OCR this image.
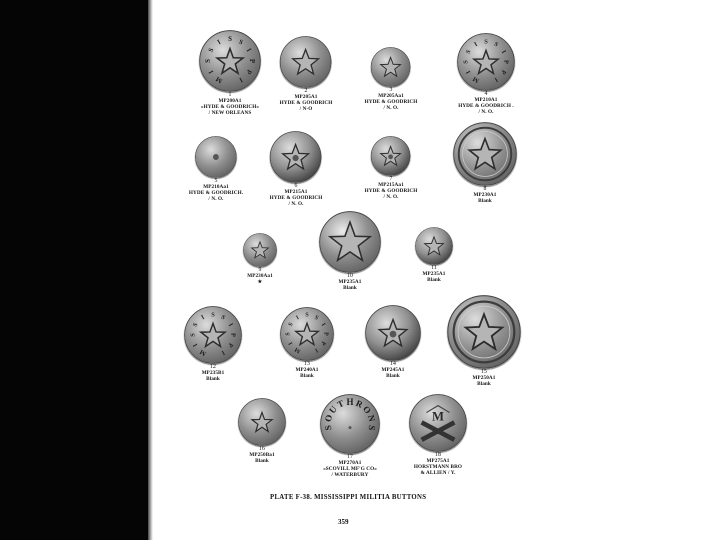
M
I
S
S
I S S
I
P
P
I
1
MP200A1
«HYDE & GOODRICH»
/ NEW ORLEANS
2
MP205A1
HYDE & GOODRICH
/ N-O
3
MP205Aa1
HYDE & GOODRICH
/ N. O.
M
I
S
S
I S S
I
P
P
I
4
MP210A1
HYDE & GOODRICH .
/ N. O.
5
MP210Aa1
HYDE & GOODRICH.
/ N. O.
6
MP215A1
HYDE & GOODRICH
/ N. O.
7
MP215Aa1
HYDE & GOODRICH
/ N. O.
8
MP230A1
Blank
9
MP230Aa1
★
10
MP235A1
Blank
11
MP235A1
Blank
M
I
S
S
I S S
I
P
P
I
12
MP235B1
Blank
M
I
S
S
I S S
I
P
P
I
13
MP240A1
Blank
14
MP245A1
Blank
15
MP250A1
Blank
16
MP250Ba1
Blank
S
O
U
T H R
O
N
S
17
MP270A1
«SCOVILL MF'G CO»
/ WATERBURY
M
18
MP275A1
HORSTMANN BRO
& ALLIEN / Y.
PLATE F-38. MISSISSIPPI MILITIA BUTTONS
359
